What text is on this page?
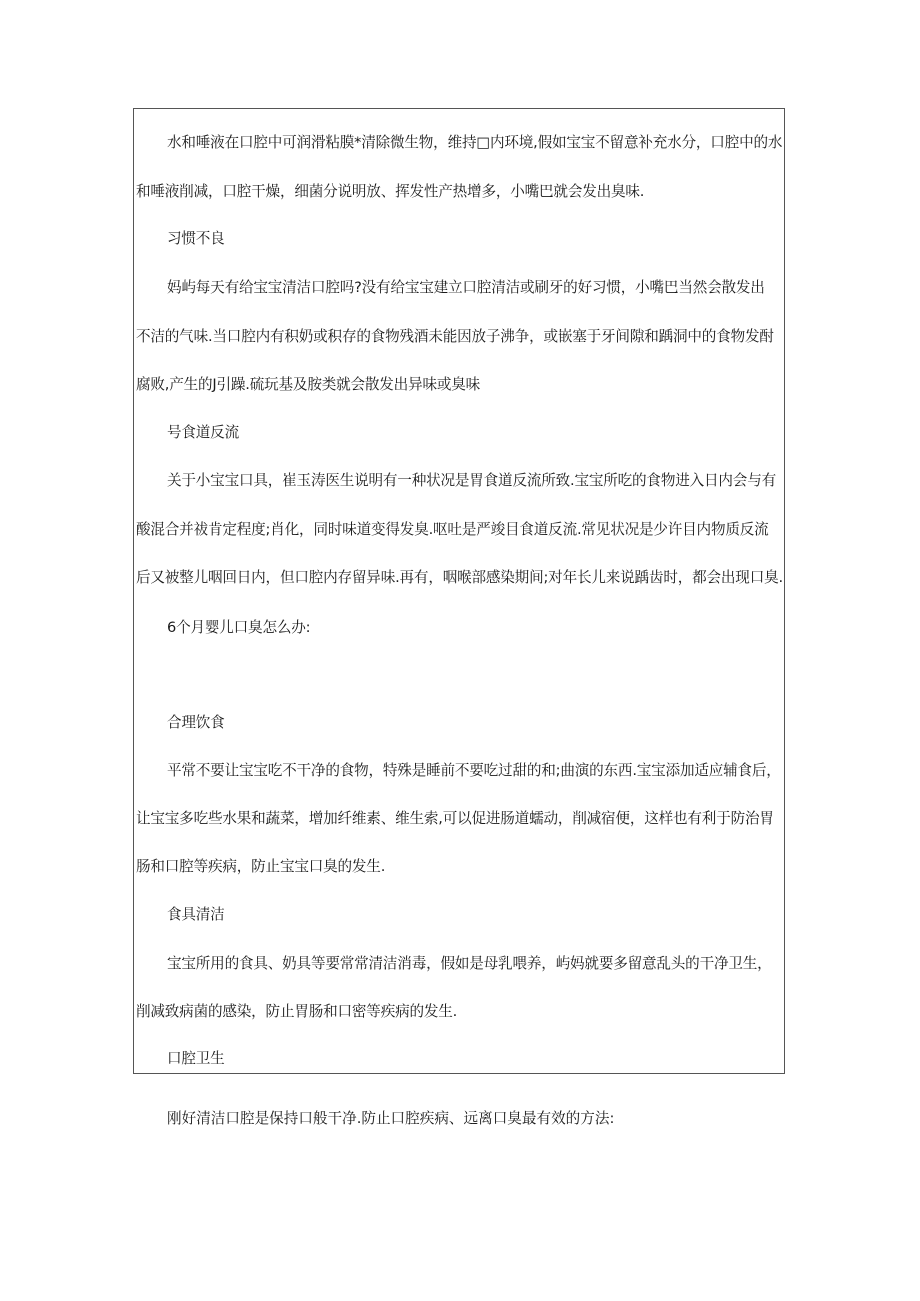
水和唾液在口腔中可润滑粘膜*清除微生物，维持□内环境,假如宝宝不留意补充水分，口腔中的水
和唾液削减，口腔干燥，细菌分说明放、挥发性产热增多，小嘴巴就会发出臭味.
习惯不良
妈屿每天有给宝宝清洁口腔吗?没有给宝宝建立口腔清洁或刷牙的好习惯，小嘴巴当然会散发出
不洁的气味.当口腔内有积奶或积存的食物残酒未能因放子沸争，或嵌塞于牙间隙和踽洞中的食物发酎
腐败,产生的J引躁.硫玩基及胺类就会散发出异味或臭味
号食道反流
关于小宝宝口具，崔玉涛医生说明有一种状况是胃食道反流所致.宝宝所吃的食物进入日内会与有
酸混合并祓肯定程度;肖化，同时味道变得发臭.呕吐是严竣目食道反流.常见状况是少许目内物质反流
后又被整儿咽回日内，但口腔内存留异味.再有，咽喉部感染期间;对年长儿来说踽齿时，都会出现口臭.
6个月婴儿口臭怎么办:
合理饮食
平常不要让宝宝吃不干净的食物，特殊是睡前不要吃过甜的和;曲演的东西.宝宝添加适应辅食后，
让宝宝多吃些水果和蔬菜，增加纤维素、维生索,可以促进肠道蠕动，削减宿便，这样也有利于防治胃
肠和口腔等疾病，防止宝宝口臭的发生.
食具清洁
宝宝所用的食具、奶具等要常常清洁消毒，假如是母乳喂养，屿妈就要多留意乱头的干净卫生，
削减致病菌的感染，防止胃肠和口密等疾病的发生.
口腔卫生
刚好清洁口腔是保持口般干净.防止口腔疾病、远离口臭最有效的方法:
